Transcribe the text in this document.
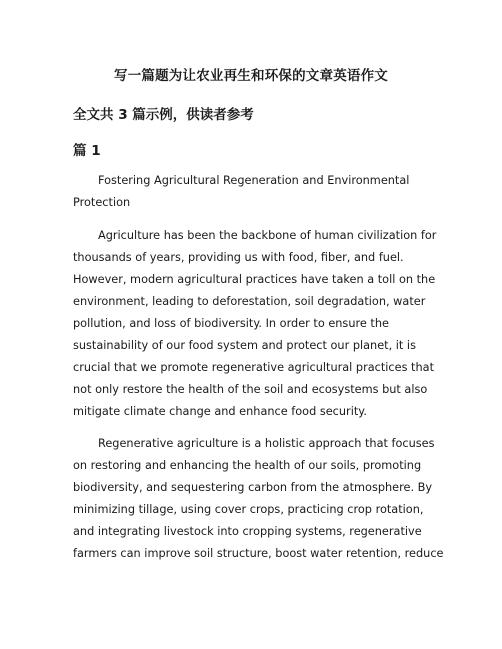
写一篇题为让农业再生和环保的文章英语作文
全文共 3 篇示例，供读者参考
篇 1

Fostering Agricultural Regeneration and Environmental
Protection

Agriculture has been the backbone of human civilization for
thousands of years, providing us with food, fiber, and fuel.
However, modern agricultural practices have taken a toll on the
environment, leading to deforestation, soil degradation, water
pollution, and loss of biodiversity. In order to ensure the
sustainability of our food system and protect our planet, it is
crucial that we promote regenerative agricultural practices that
not only restore the health of the soil and ecosystems but also
mitigate climate change and enhance food security.

Regenerative agriculture is a holistic approach that focuses
on restoring and enhancing the health of our soils, promoting
biodiversity, and sequestering carbon from the atmosphere. By
minimizing tillage, using cover crops, practicing crop rotation,
and integrating livestock into cropping systems, regenerative
farmers can improve soil structure, boost water retention, reduce
